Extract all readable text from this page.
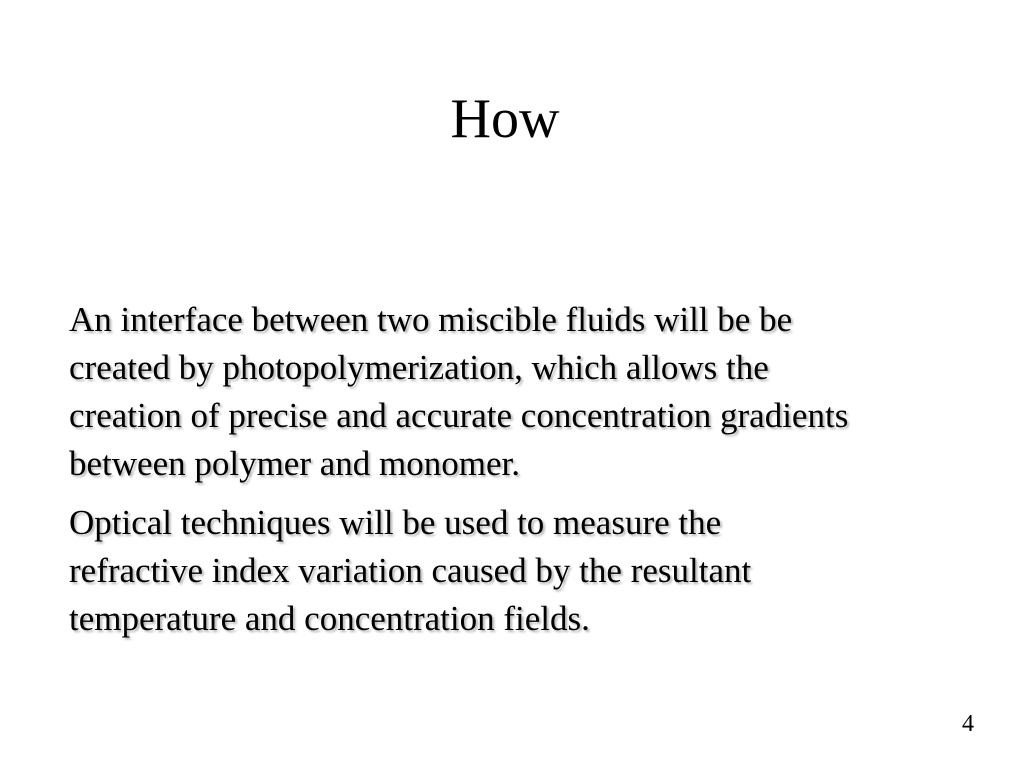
How
An interface between two miscible fluids will be be
created by photopolymerization, which allows the
creation of precise and accurate concentration gradients
between polymer and monomer.
Optical techniques will be used to measure the
refractive index variation caused by the resultant
temperature and concentration fields.
4
